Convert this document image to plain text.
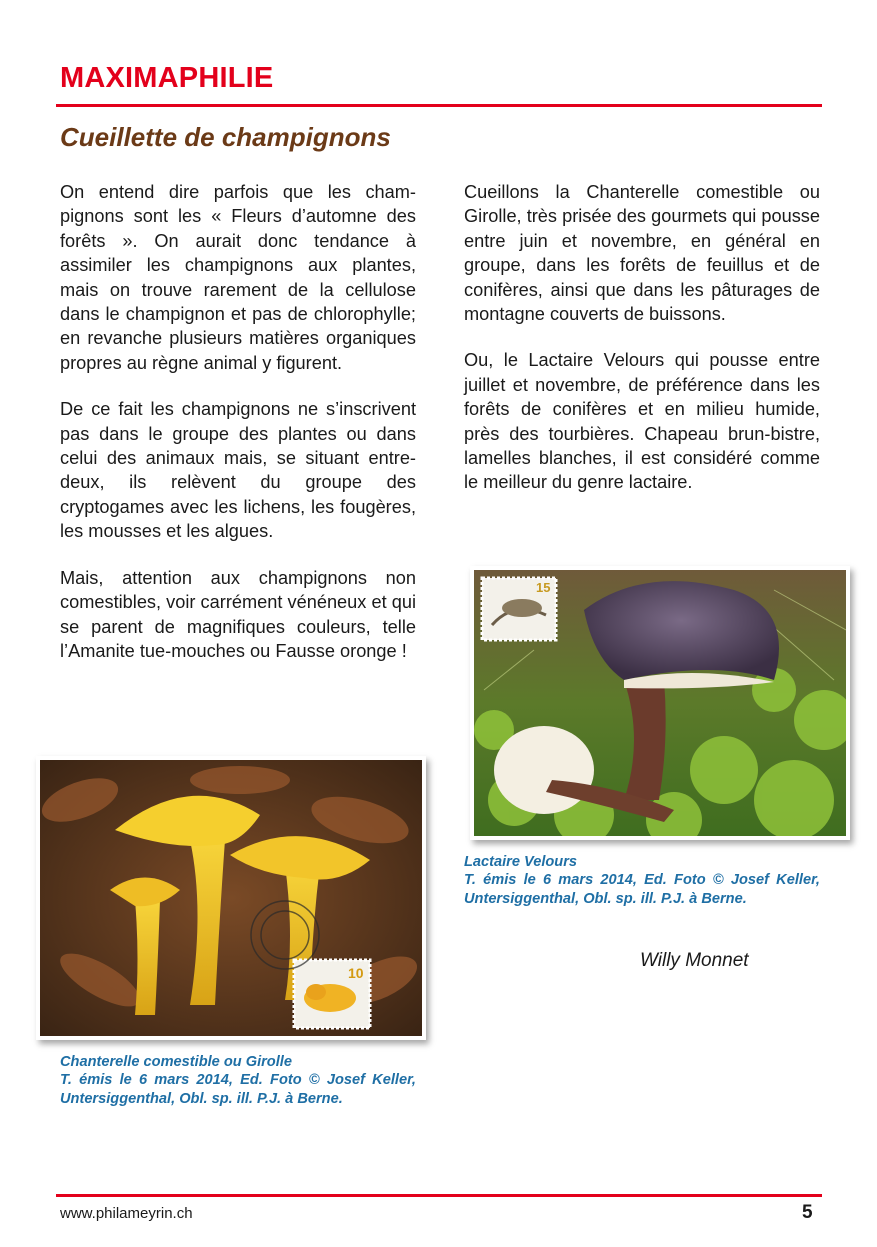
MAXIMAPHILIE
Cueillette de champignons

On entend dire parfois que les cham-pignons sont les « Fleurs d’automne des forêts ». On aurait donc tendance à assimiler les champignons aux plantes, mais on trouve rarement de la cellulose dans le champignon et pas de chlorophylle; en revanche plusieurs matières organiques propres au règne animal y figurent.

De ce fait les champignons ne s’inscrivent pas dans le groupe des plantes ou dans celui des animaux mais, se situant entre-deux, ils relèvent du groupe des cryptogames avec les lichens, les fougères, les mousses et les algues.

Mais, attention aux champignons non comestibles, voir carrément vénéneux et qui se parent de magnifiques couleurs, telle l’Amanite tue-mouches ou Fausse oronge !

Cueillons la Chanterelle comestible ou Girolle, très prisée des gourmets qui pousse entre juin et novembre, en général en groupe, dans les forêts de feuillus et de conifères, ainsi que dans les pâturages de montagne couverts de buissons.

Ou, le Lactaire Velours qui pousse entre juillet et novembre, de préférence dans les forêts de conifères et en milieu humide, près des tourbières. Chapeau brun-bistre, lamelles blanches, il est considéré comme le meilleur du genre lactaire.

15
Lactaire Velours
T. émis le 6 mars 2014, Ed. Foto © Josef Keller, Untersiggenthal, Obl. sp. ill. P.J. à Berne.
Willy Monnet
10
Chanterelle comestible ou Girolle
T. émis le 6 mars 2014, Ed. Foto © Josef Keller, Untersiggenthal, Obl. sp. ill. P.J. à Berne.
www.philameyrin.ch	5
